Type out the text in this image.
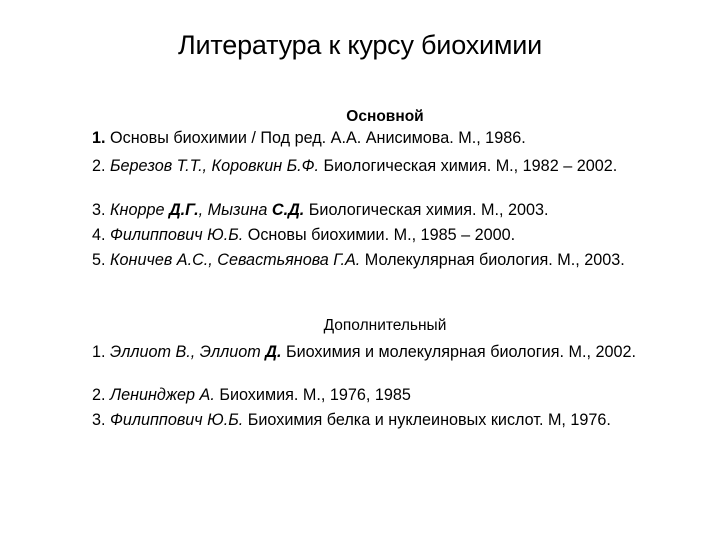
Литература к курсу биохимии
Основной
1. Основы биохимии / Под ред. А.А. Анисимова. М., 1986.
2. Березов Т.Т., Коровкин Б.Ф. Биологическая химия. М., 1982 – 2002.
3. Кнорре Д.Г., Мызина С.Д. Биологическая химия. М., 2003.
4. Филиппович Ю.Б. Основы биохимии. М., 1985 – 2000.
5. Коничев А.С., Севастьянова Г.А. Молекулярная биология. М., 2003.
Дополнительный
1. Эллиот В., Эллиот Д. Биохимия и молекулярная биология. М., 2002.
2. Ленинджер А. Биохимия. М., 1976, 1985
3. Филиппович Ю.Б. Биохимия белка и нуклеиновых кислот. М, 1976.
